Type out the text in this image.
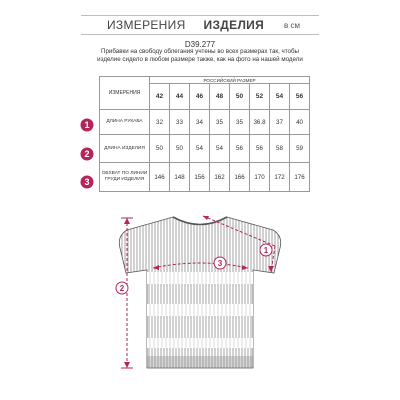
ИЗМЕРЕНИЯ ИЗДЕЛИЯ	в см
D39.277
Прибавки на свободу облегания учтены во всех размерах так, чтобы изделие сидело в любом размере также, как на фото на нашей модели
ИЗМЕРЕНИЯ	РОССИЙСКИЙ РАЗМЕР							
	42	44	46	48	50	52	54	56
ДЛИНА РУКАВА	32	33	34	35	35	36.8	37	40
ДЛИНА ИЗДЕЛИЯ	50	50	54	54	56	56	58	59
ОБХВАТ ПО ЛИНИИ ГРУДИ ИЗДЕЛИЯ	146	148	156	162	166	170	172	176
1
2
3
1
3
2
